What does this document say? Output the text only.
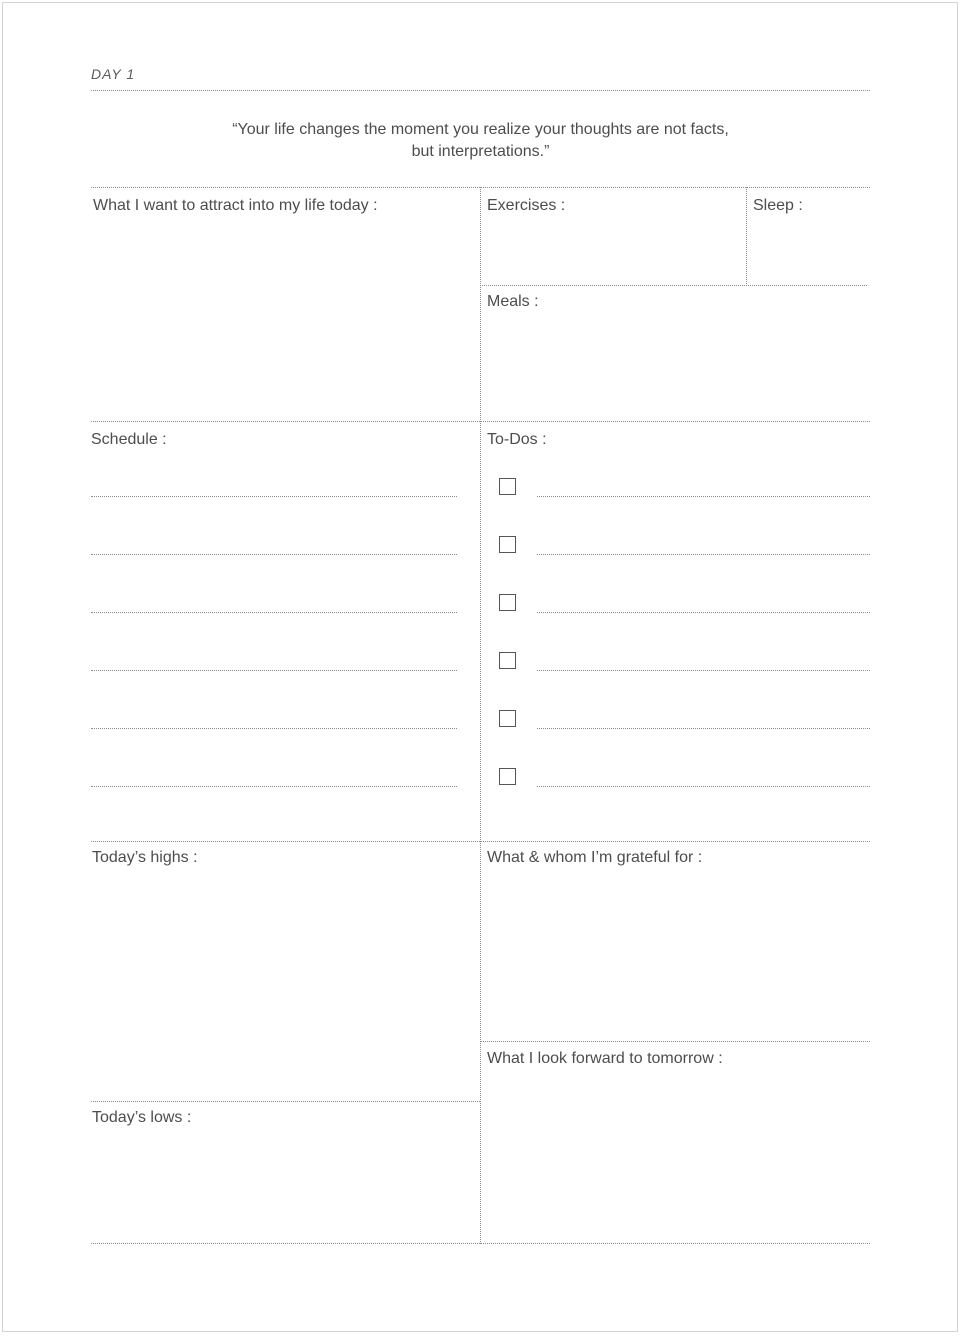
DAY 1
“Your life changes the moment you realize your thoughts are not facts,
but interpretations.”
What I want to attract into my life today :	Exercises :	Sleep :
Meals :
Schedule :	To-Dos :
Today’s highs :	What & whom I’m grateful for :
What I look forward to tomorrow :
Today’s lows :
